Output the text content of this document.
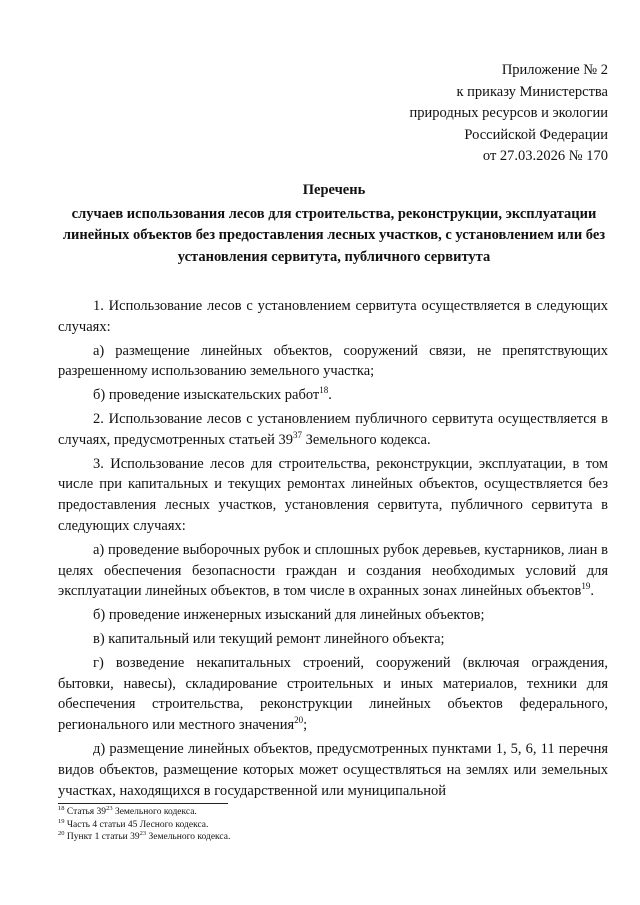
Приложение № 2
к приказу Министерства
природных ресурсов и экологии
Российской Федерации
от 27.03.2026 № 170
Перечень
случаев использования лесов для строительства, реконструкции, эксплуатации линейных объектов без предоставления лесных участков, с установлением или без установления сервитута, публичного сервитута

1. Использование лесов с установлением сервитута осуществляется в следующих случаях:

а) размещение линейных объектов, сооружений связи, не препятствующих разрешенному использованию земельного участка;

б) проведение изыскательских работ$^{18}$.

2. Использование лесов с установлением публичного сервитута осуществляется в случаях, предусмотренных статьей $39^{37}$ Земельного кодекса.

3. Использование лесов для строительства, реконструкции, эксплуатации, в том числе при капитальных и текущих ремонтах линейных объектов, осуществляется без предоставления лесных участков, установления сервитута, публичного сервитута в следующих случаях:

а) проведение выборочных рубок и сплошных рубок деревьев, кустарников, лиан в целях обеспечения безопасности граждан и создания необходимых условий для эксплуатации линейных объектов, в том числе в охранных зонах линейных объектов$^{19}$.

б) проведение инженерных изысканий для линейных объектов;

в) капитальный или текущий ремонт линейного объекта;

г) возведение некапитальных строений, сооружений (включая ограждения, бытовки, навесы), складирование строительных и иных материалов, техники для обеспечения строительства, реконструкции линейных объектов федерального, регионального или местного значения$^{20}$;

д) размещение линейных объектов, предусмотренных пунктами 1, 5, 6, 11 перечня видов объектов, размещение которых может осуществляться на землях или земельных участках, находящихся в государственной или муниципальной

$^{18}$ Статья $39^{23}$ Земельного кодекса.
$^{19}$ Часть 4 статьи 45 Лесного кодекса.
$^{20}$ Пункт 1 статьи $39^{23}$ Земельного кодекса.
